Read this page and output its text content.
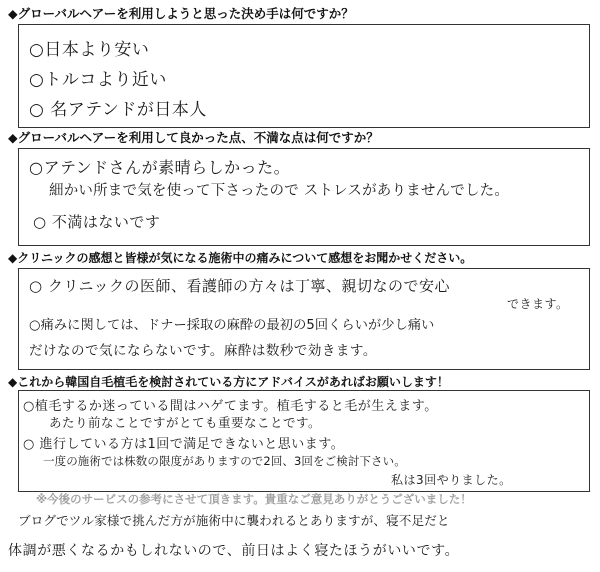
◆グローバルヘアーを利用しようと思った決め手は何ですか？
○日本より安い
○トルコより近い
○ 名アテンドが日本人
◆グローバルヘアーを利用して良かった点、不満な点は何ですか？
○アテンドさんが素晴らしかった。
細かい所まで気を使って下さったので ストレスがありませんでした。
○ 不満はないです
◆クリニックの感想と皆様が気になる施術中の痛みについて感想をお聞かせください。
○ クリニックの医師、看護師の方々は丁寧、親切なので安心
できます。
○痛みに関しては、ドナー採取の麻酔の最初の5回くらいが少し痛い
だけなので気にならないです。麻酔は数秒で効きます。
◆これから韓国自毛植毛を検討されている方にアドバイスがあればお願いします！
○植毛するか迷っている間はハゲてます。植毛すると毛が生えます。
あたり前なことですがとても重要なことです。
○ 進行している方は1回で満足できないと思います。
一度の施術では株数の限度がありますので2回、3回をご検討下さい。
私は3回やりました。
※今後のサービスの参考にさせて頂きます。貴重なご意見ありがとうございました！
ブログでツル家様で挑んだ方が施術中に襲われるとありますが、寝不足だと
体調が悪くなるかもしれないので、前日はよく寝たほうがいいです。
